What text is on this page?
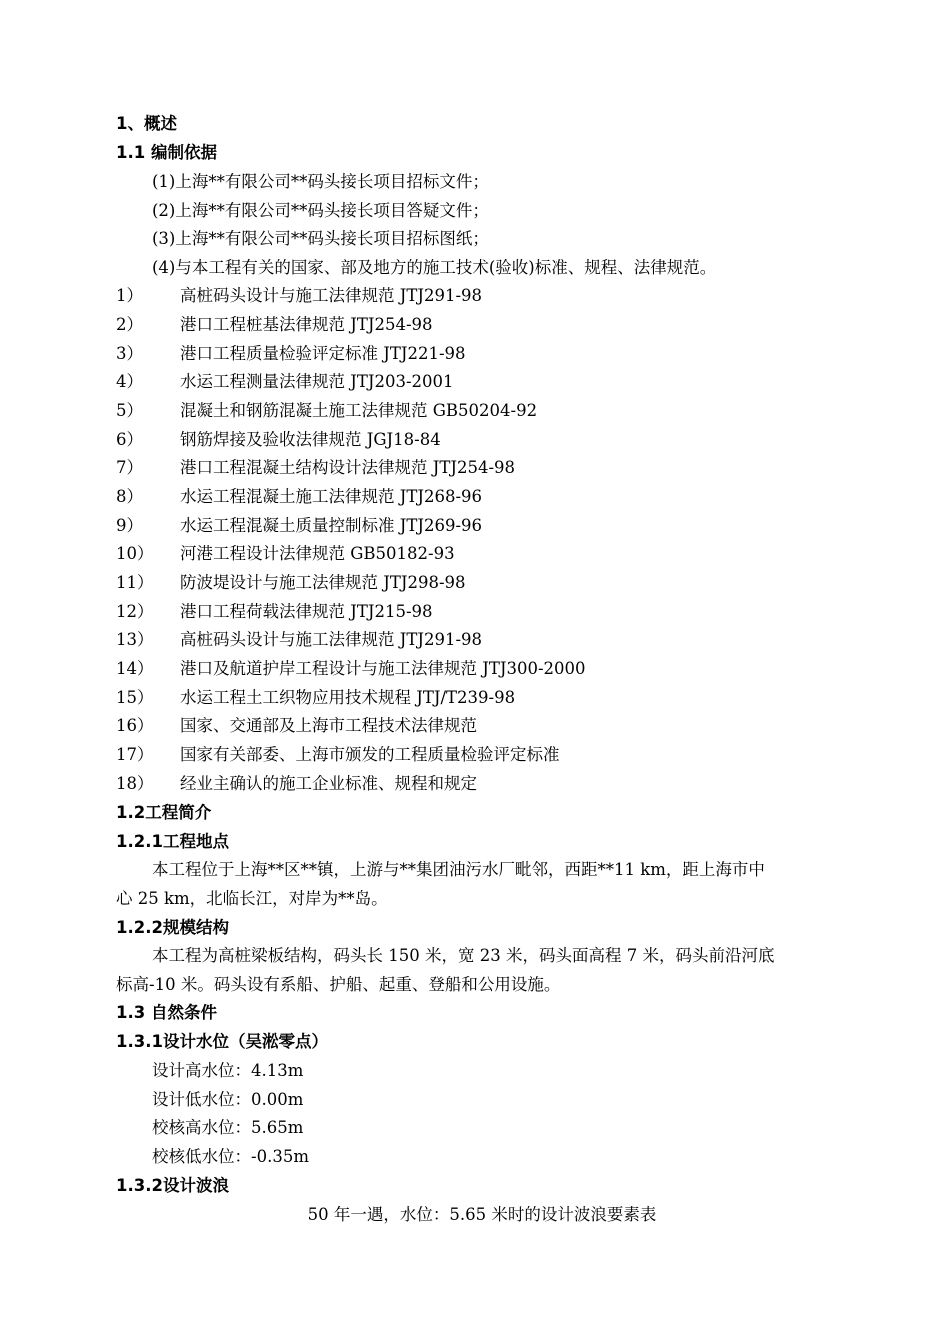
1、概述
1.1 编制依据
(1)上海**有限公司**码头接长项目招标文件；
(2)上海**有限公司**码头接长项目答疑文件；
(3)上海**有限公司**码头接长项目招标图纸；
(4)与本工程有关的国家、部及地方的施工技术(验收)标准、规程、法律规范。
1） 高桩码头设计与施工法律规范 JTJ291-98
2） 港口工程桩基法律规范 JTJ254-98
3） 港口工程质量检验评定标准 JTJ221-98
4） 水运工程测量法律规范 JTJ203-2001
5） 混凝土和钢筋混凝土施工法律规范 GB50204-92
6） 钢筋焊接及验收法律规范 JGJ18-84
7） 港口工程混凝土结构设计法律规范 JTJ254-98
8） 水运工程混凝土施工法律规范 JTJ268-96
9） 水运工程混凝土质量控制标准 JTJ269-96
10） 河港工程设计法律规范 GB50182-93
11） 防波堤设计与施工法律规范 JTJ298-98
12） 港口工程荷载法律规范 JTJ215-98
13） 高桩码头设计与施工法律规范 JTJ291-98
14） 港口及航道护岸工程设计与施工法律规范 JTJ300-2000
15） 水运工程土工织物应用技术规程 JTJ/T239-98
16） 国家、交通部及上海市工程技术法律规范
17） 国家有关部委、上海市颁发的工程质量检验评定标准
18） 经业主确认的施工企业标准、规程和规定
1.2工程简介
1.2.1工程地点
本工程位于上海**区**镇，上游与**集团油污水厂毗邻，西距**11 km，距上海市中
心 25 km，北临长江，对岸为**岛。
1.2.2规模结构
本工程为高桩梁板结构，码头长 150 米，宽 23 米，码头面高程 7 米，码头前沿河底
标高-10 米。码头设有系船、护船、起重、登船和公用设施。
1.3 自然条件
1.3.1设计水位（吴淞零点）
设计高水位：4.13m
设计低水位：0.00m
校核高水位：5.65m
校核低水位：-0.35m
1.3.2设计波浪
50 年一遇，水位：5.65 米时的设计波浪要素表
